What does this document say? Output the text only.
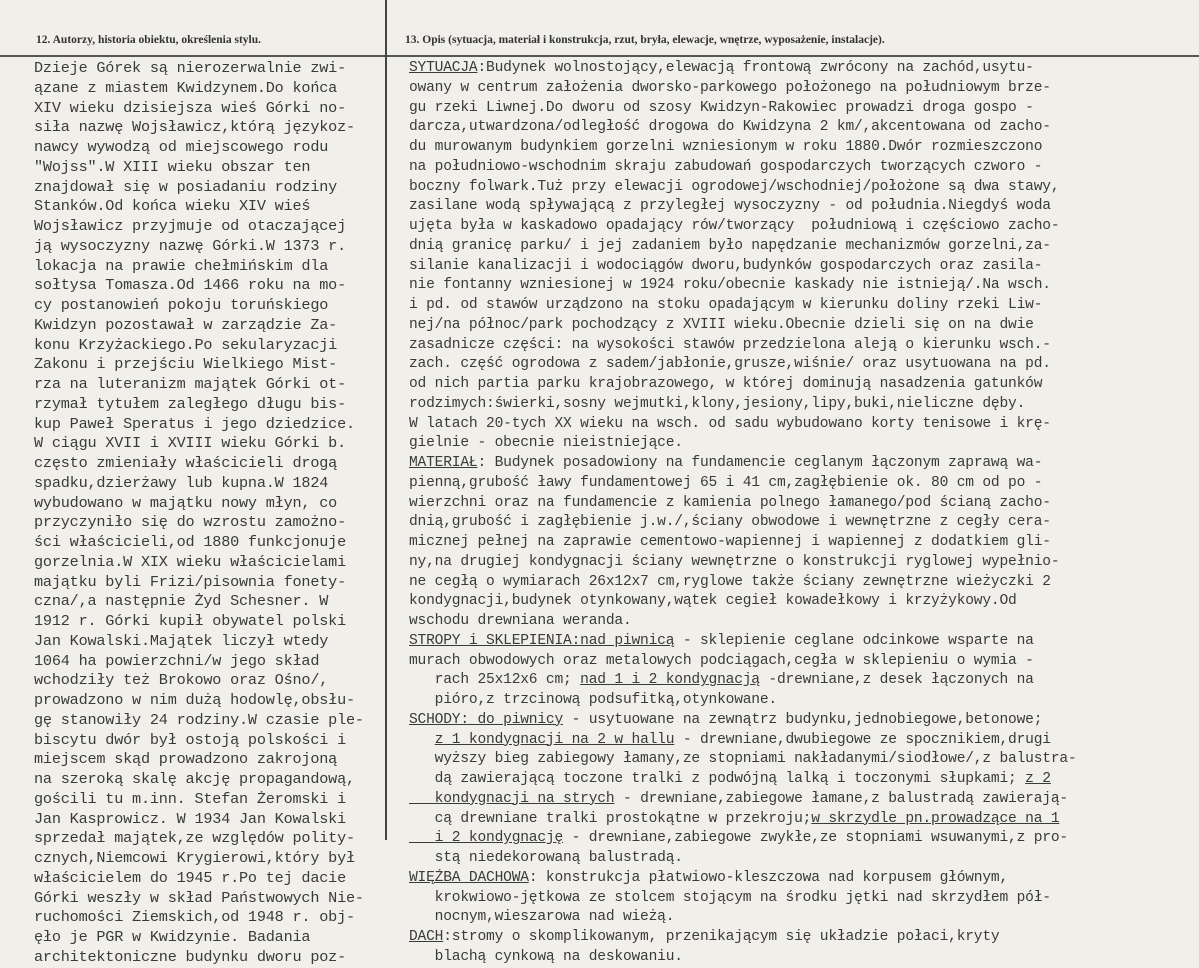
12. Autorzy, historia obiektu, określenia stylu.	13. Opis (sytuacja, materiał i konstrukcja, rzut, bryła, elewacje, wnętrze, wyposażenie, instalacje).
Dzieje Górek są nierozerwalnie zwi-
ązane z miastem Kwidzynem.Do końca
XIV wieku dzisiejsza wieś Górki no-
siła nazwę Wojsławicz,którą językoz-
nawcy wywodzą od miejscowego rodu
"Wojss".W XIII wieku obszar ten
znajdował się w posiadaniu rodziny
Stanków.Od końca wieku XIV wieś
Wojsławicz przyjmuje od otaczającej
ją wysoczyzny nazwę Górki.W 1373 r.
lokacja na prawie chełmińskim dla
sołtysa Tomasza.Od 1466 roku na mo-
cy postanowień pokoju toruńskiego
Kwidzyn pozostawał w zarządzie Za-
konu Krzyżackiego.Po sekularyzacji
Zakonu i przejściu Wielkiego Mist-
rza na luteranizm majątek Górki ot-
rzymał tytułem zaległego długu bis-
kup Paweł Speratus i jego dziedzice.
W ciągu XVII i XVIII wieku Górki b.
często zmieniały właścicieli drogą
spadku,dzierżawy lub kupna.W 1824
wybudowano w majątku nowy młyn, co
przyczyniło się do wzrostu zamożno-
ści właścicieli,od 1880 funkcjonuje
gorzelnia.W XIX wieku właścicielami
majątku byli Frizi/pisownia fonety-
czna/,a następnie Żyd Schesner. W
1912 r. Górki kupił obywatel polski
Jan Kowalski.Majątek liczył wtedy
1064 ha powierzchni/w jego skład
wchodziły też Brokowo oraz Ośno/,
prowadzono w nim dużą hodowlę,obsłu-
gę stanowiły 24 rodziny.W czasie ple-
biscytu dwór był ostoją polskości i
miejscem skąd prowadzono zakrojoną
na szeroką skalę akcję propagandową,
gościli tu m.inn. Stefan Żeromski i
Jan Kasprowicz. W 1934 Jan Kowalski
sprzedał majątek,ze względów polity-
cznych,Niemcowi Krygierowi,który był
właścicielem do 1945 r.Po tej dacie
Górki weszły w skład Państwowych Nie-
ruchomości Ziemskich,od 1948 r. obj-
ęło je PGR w Kwidzynie. Badania
architektoniczne budynku dworu poz-
SYTUACJA:Budynek wolnostojący,elewacją frontową zwrócony na zachód,usytu-
owany w centrum założenia dworsko-parkowego położonego na południowym brze-
gu rzeki Liwnej.Do dworu od szosy Kwidzyn-Rakowiec prowadzi droga gospo -
darcza,utwardzona/odległość drogowa do Kwidzyna 2 km/,akcentowana od zacho-
du murowanym budynkiem gorzelni wzniesionym w roku 1880.Dwór rozmieszczono
na południowo-wschodnim skraju zabudowań gospodarczych tworzących czworo -
boczny folwark.Tuż przy elewacji ogrodowej/wschodniej/położone są dwa stawy,
zasilane wodą spływającą z przyległej wysoczyzny - od południa.Niegdyś woda
ujęta była w kaskadowo opadający rów/tworzący  południową i częściowo zacho-
dnią granicę parku/ i jej zadaniem było napędzanie mechanizmów gorzelni,za-
silanie kanalizacji i wodociągów dworu,budynków gospodarczych oraz zasila-
nie fontanny wzniesionej w 1924 roku/obecnie kaskady nie istnieją/.Na wsch.
i pd. od stawów urządzono na stoku opadającym w kierunku doliny rzeki Liw-
nej/na północ/park pochodzący z XVIII wieku.Obecnie dzieli się on na dwie
zasadnicze części: na wysokości stawów przedzielona aleją o kierunku wsch.-
zach. część ogrodowa z sadem/jabłonie,grusze,wiśnie/ oraz usytuowana na pd.
od nich partia parku krajobrazowego, w której dominują nasadzenia gatunków
rodzimych:świerki,sosny wejmutki,klony,jesiony,lipy,buki,nieliczne dęby.
W latach 20-tych XX wieku na wsch. od sadu wybudowano korty tenisowe i krę-
gielnie - obecnie nieistniejące.
MATERIAŁ: Budynek posadowiony na fundamencie ceglanym łączonym zaprawą wa-
pienną,grubość ławy fundamentowej 65 i 41 cm,zagłębienie ok. 80 cm od po -
wierzchni oraz na fundamencie z kamienia polnego łamanego/pod ścianą zacho-
dnią,grubość i zagłębienie j.w./,ściany obwodowe i wewnętrzne z cegły cera-
micznej pełnej na zaprawie cementowo-wapiennej i wapiennej z dodatkiem gli-
ny,na drugiej kondygnacji ściany wewnętrzne o konstrukcji ryglowej wypełnio-
ne cegłą o wymiarach 26x12x7 cm,ryglowe także ściany zewnętrzne wieżyczki 2
kondygnacji,budynek otynkowany,wątek cegieł kowadełkowy i krzyżykowy.Od
wschodu drewniana weranda.
STROPY i SKLEPIENIA:nad piwnicą - sklepienie ceglane odcinkowe wsparte na
murach obwodowych oraz metalowych podciągach,cegła w sklepieniu o wymia -
rach 25x12x6 cm; nad 1 i 2 kondygnacją -drewniane,z desek łączonych na
pióro,z trzcinową podsufitką,otynkowane.
SCHODY: do piwnicy - usytuowane na zewnątrz budynku,jednobiegowe,betonowe;
z 1 kondygnacji na 2 w hallu - drewniane,dwubiegowe ze spocznikiem,drugi
wyższy bieg zabiegowy łamany,ze stopniami nakładanymi/siodłowe/,z balustra-
dą zawierającą toczone tralki z podwójną lalką i toczonymi słupkami; z 2
kondygnacji na strych - drewniane,zabiegowe łamane,z balustradą zawierają-
cą drewniane tralki prostokątne w przekroju;w skrzydle pn.prowadzące na 1
i 2 kondygnację - drewniane,zabiegowe zwykłe,ze stopniami wsuwanymi,z pro-
stą niedekorowaną balustradą.
WIĘŹBA DACHOWA: konstrukcja płatwiowo-kleszczowa nad korpusem głównym,
krokwiowo-jętkowa ze stolcem stojącym na środku jętki nad skrzydłem pół-
nocnym,wieszarowa nad wieżą.
DACH:stromy o skomplikowanym, przenikającym się układzie połaci,kryty
blachą cynkową na deskowaniu.
